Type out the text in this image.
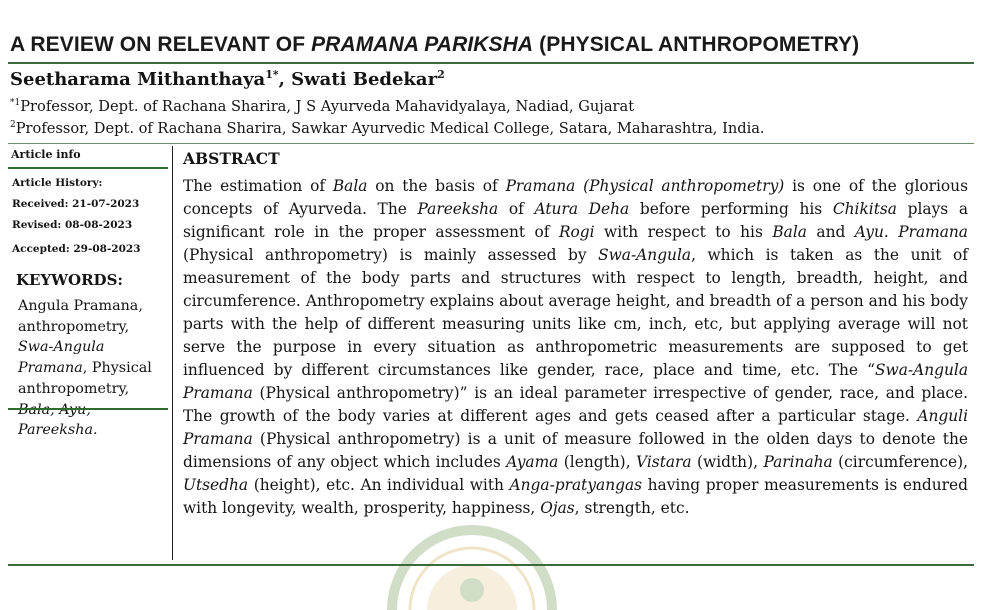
A REVIEW ON RELEVANT OF PRAMANA PARIKSHA (PHYSICAL ANTHROPOMETRY)
Seetharama Mithanthaya$^{1*}$, Swati Bedekar$^2$
$^{*1}$Professor, Dept. of Rachana Sharira, J S Ayurveda Mahavidyalaya, Nadiad, Gujarat
$^2$Professor, Dept. of Rachana Sharira, Sawkar Ayurvedic Medical College, Satara, Maharashtra, India.
Article info
Article History:
Received: 21-07-2023
Revised: 08-08-2023
Accepted: 29-08-2023
KEYWORDS:
Angula Pramana, anthropometry, Swa-Angula Pramana, Physical anthropometry, Pareeksha.
ABSTRACT
The estimation of Bala on the basis of Pramana (Physical anthropometry) is one of the glorious concepts of Ayurveda. The Pareeksha of Atura Deha before performing his Chikitsa plays a significant role in the proper assessment of Rogi with respect to his Bala and Ayu. Pramana (Physical anthropometry) is mainly assessed by Swa-Angula, which is taken as the unit of measurement of the body parts and structures with respect to length, breadth, height, and circumference. Anthropometry explains about average height, and breadth of a person and his body parts with the help of different measuring units like cm, inch, etc, but applying average will not serve the purpose in every situation as anthropometric measurements are supposed to get influenced by different circumstances like gender, race, place and time, etc. The “Swa-Angula Pramana (Physical anthropometry)” is an ideal parameter irrespective of gender, race, and place. The growth of the body varies at different ages and gets ceased after a particular stage. Anguli Pramana (Physical anthropometry) is a unit of measure followed in the olden days to denote the dimensions of any object which includes Ayama (length), Vistara (width), Parinaha (circumference), Utsedha (height), etc. An individual with Anga-pratyangas having proper measurements is endured with longevity, wealth, prosperity, happiness, Ojas, strength, etc.
